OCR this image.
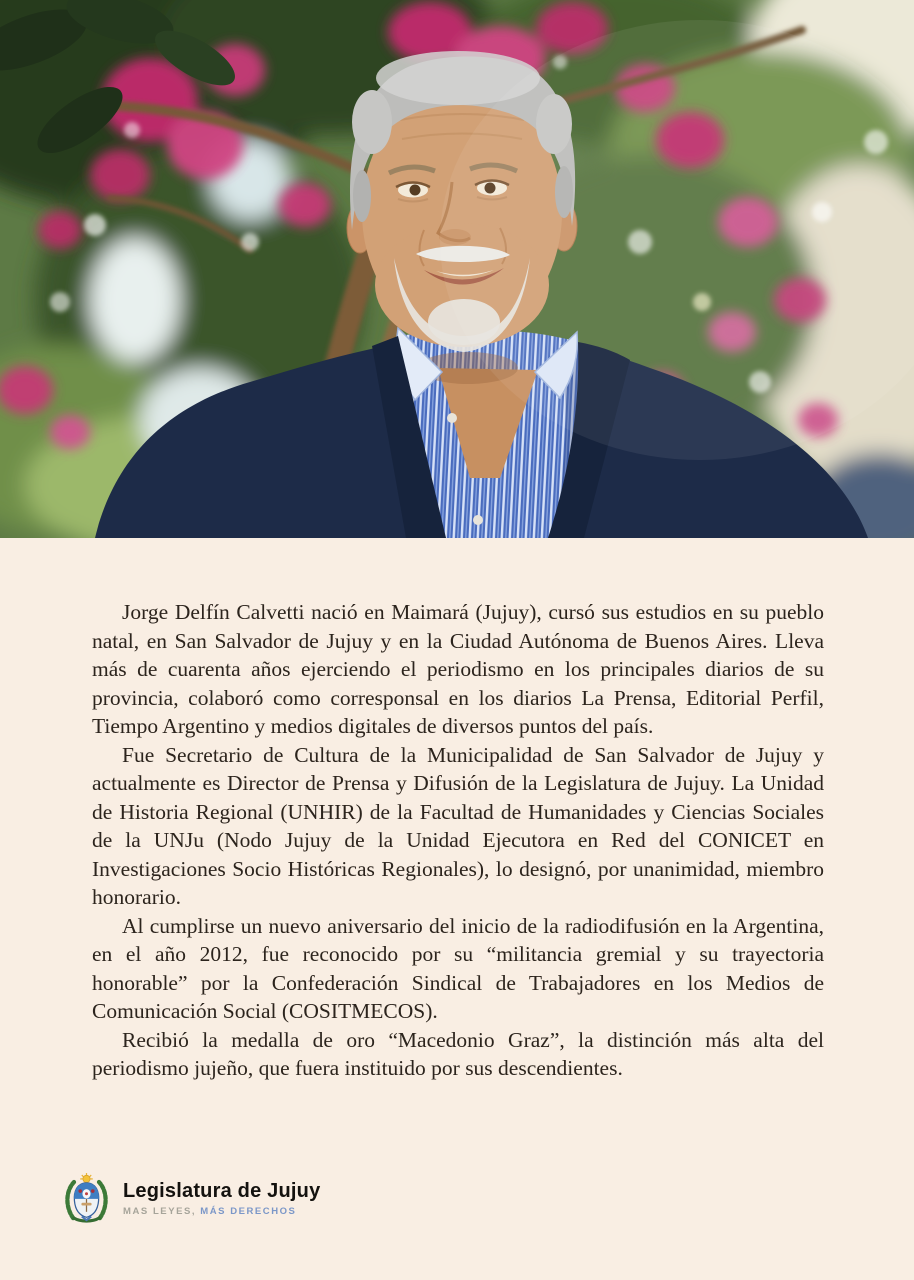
Jorge Delfín Calvetti nació en Maimará (Jujuy), cursó sus estudios en su pueblo natal, en San Salvador de Jujuy y en la Ciudad Autónoma de Buenos Aires. Lleva más de cuarenta años ejerciendo el periodismo en los principales diarios de su provincia, colaboró como corresponsal en los diarios La Prensa, Editorial Perfil, Tiempo Argentino y medios digitales de diversos puntos del país.

Fue Secretario de Cultura de la Municipalidad de San Salvador de Jujuy y actualmente es Director de Prensa y Difusión de la Legislatura de Jujuy. La Unidad de Historia Regional (UNHIR) de la Facultad de Humanidades y Ciencias Sociales de la UNJu (Nodo Jujuy de la Unidad Ejecutora en Red del CONICET en Investigaciones Socio Históricas Regionales), lo designó, por unanimidad, miembro honorario.

Al cumplirse un nuevo aniversario del inicio de la radiodifusión en la Argentina, en el año 2012, fue reconocido por su “militancia gremial y su trayectoria honorable” por la Confederación Sindical de Trabajadores en los Medios de Comunicación Social (COSITMECOS).

Recibió la medalla de oro “Macedonio Graz”, la distinción más alta del periodismo jujeño, que fuera instituido por sus descendientes.

Legislatura de Jujuy
MAS LEYES, MÁS DERECHOS
